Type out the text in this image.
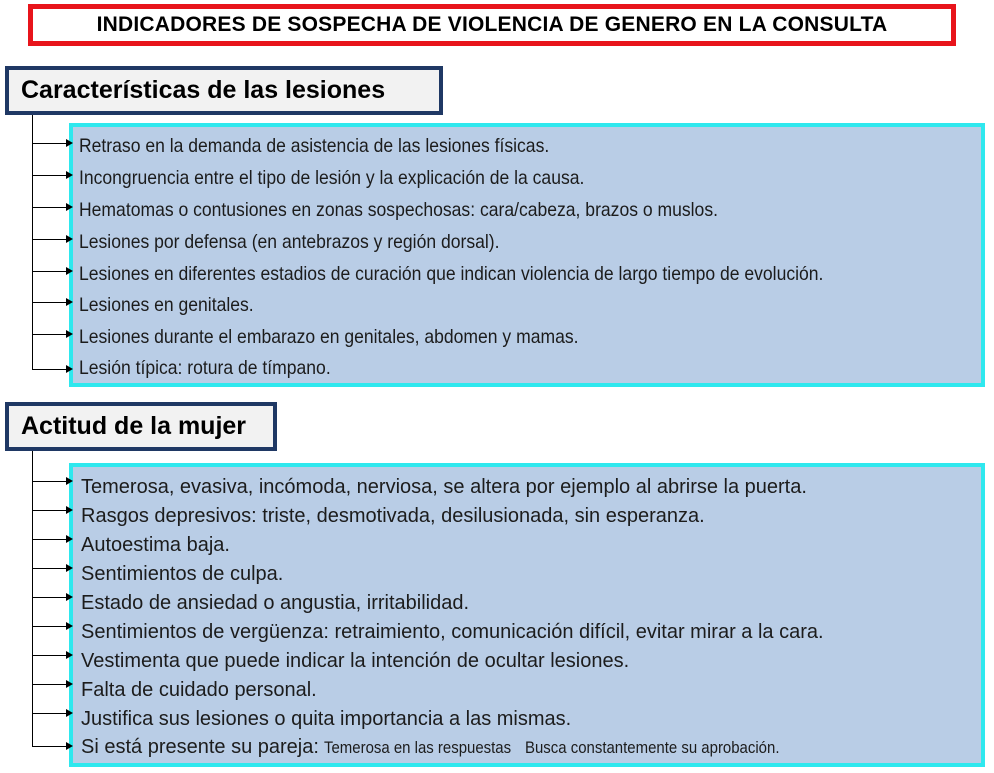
INDICADORES DE SOSPECHA DE VIOLENCIA DE GENERO EN LA CONSULTA
Características de las lesiones
Retraso en la demanda de asistencia de las lesiones físicas.
Incongruencia entre el tipo de lesión y la explicación de la causa.
Hematomas o contusiones en zonas sospechosas: cara/cabeza, brazos o muslos.
Lesiones por defensa (en antebrazos y región dorsal).
Lesiones en diferentes estadios de curación que indican violencia de largo tiempo de evolución.
Lesiones en genitales.
Lesiones durante el embarazo en genitales, abdomen y mamas.
Lesión típica: rotura de tímpano.
Actitud de la mujer
Temerosa, evasiva, incómoda, nerviosa, se altera por ejemplo al abrirse la puerta.
Rasgos depresivos: triste, desmotivada, desilusionada, sin esperanza.
Autoestima baja.
Sentimientos de culpa.
Estado de ansiedad o angustia, irritabilidad.
Sentimientos de vergüenza: retraimiento, comunicación difícil, evitar mirar a la cara.
Vestimenta que puede indicar la intención de ocultar lesiones.
Falta de cuidado personal.
Justifica sus lesiones o quita importancia a las mismas.
Si está presente su pareja: Temerosa en las respuestas Busca constantemente su aprobación.
